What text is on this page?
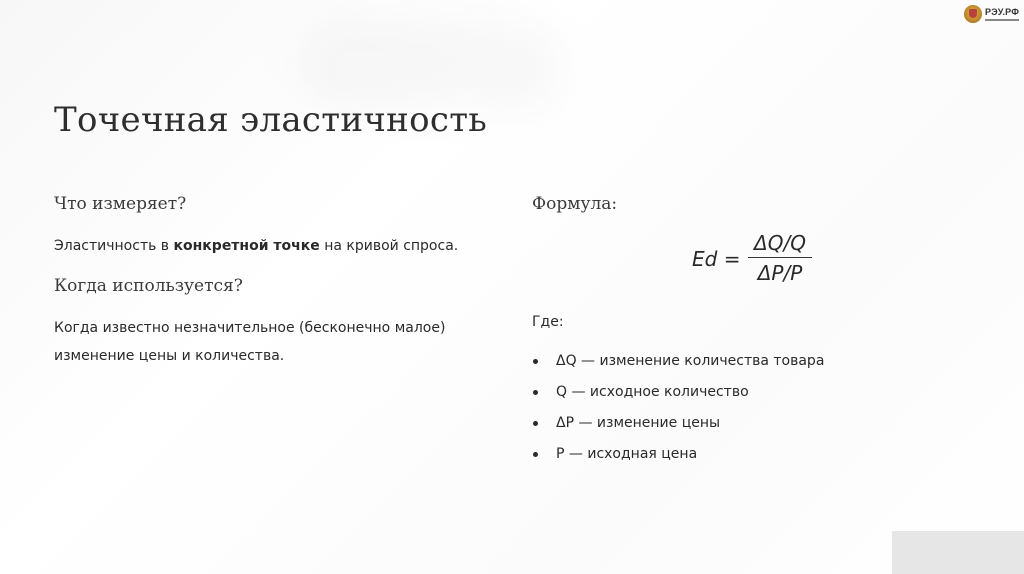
РЭУ.РФ
Точечная эластичность
Что измеряет?

Эластичность в конкретной точке на кривой спроса.

Когда используется?

Когда известно незначительное (бесконечно малое)
изменение цены и количества.

Формула:
Ed =
ΔQ/Q
ΔP/P

Где:

ΔQ — изменение количества товара
Q — исходное количество
ΔP — изменение цены
P — исходная цена
